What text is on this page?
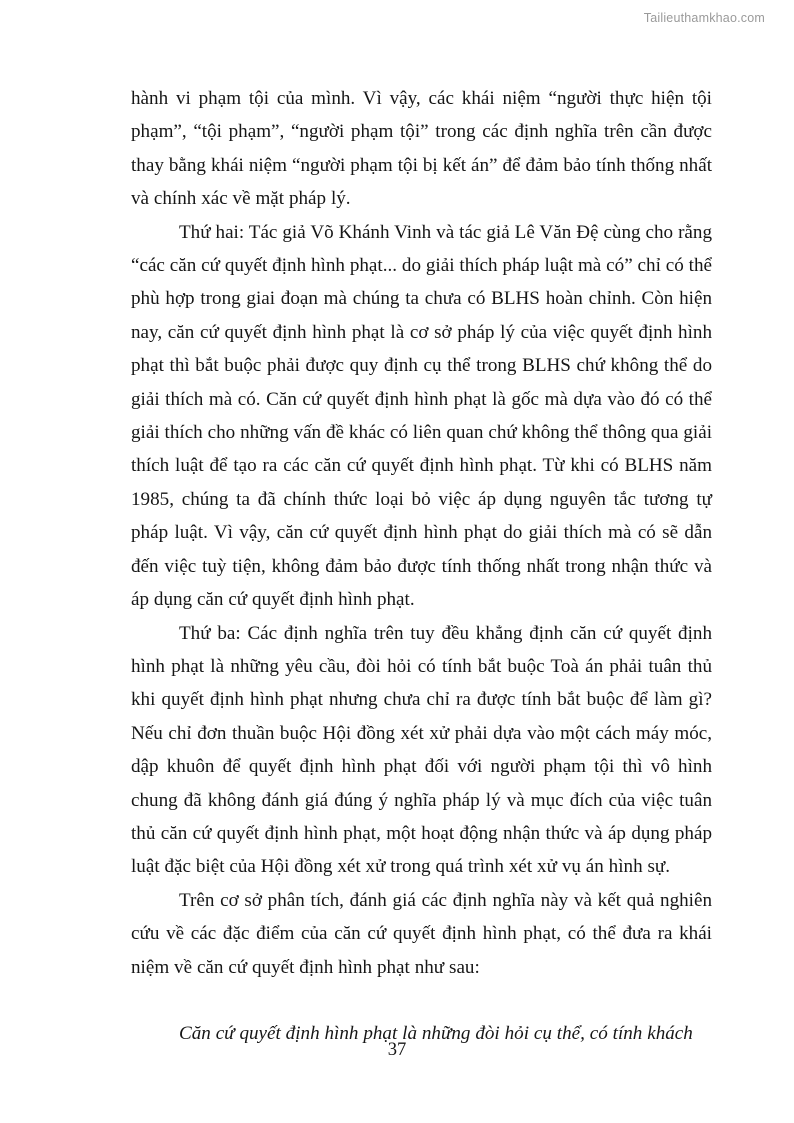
Tailieuthamkhao.com

hành vi phạm tội của mình. Vì vậy, các khái niệm “người thực hiện tội phạm”, “tội phạm”, “người phạm tội” trong các định nghĩa trên cần được thay bằng khái niệm “người phạm tội bị kết án” để đảm bảo tính thống nhất và chính xác về mặt pháp lý.

Thứ hai: Tác giả Võ Khánh Vinh và tác giả Lê Văn Đệ cùng cho rằng “các căn cứ quyết định hình phạt... do giải thích pháp luật mà có” chỉ có thể phù hợp trong giai đoạn mà chúng ta chưa có BLHS hoàn chỉnh. Còn hiện nay, căn cứ quyết định hình phạt là cơ sở pháp lý của việc quyết định hình phạt thì bắt buộc phải được quy định cụ thể trong BLHS chứ không thể do giải thích mà có. Căn cứ quyết định hình phạt là gốc mà dựa vào đó có thể giải thích cho những vấn đề khác có liên quan chứ không thể thông qua giải thích luật để tạo ra các căn cứ quyết định hình phạt. Từ khi có BLHS năm 1985, chúng ta đã chính thức loại bỏ việc áp dụng nguyên tắc tương tự pháp luật. Vì vậy, căn cứ quyết định hình phạt do giải thích mà có sẽ dẫn đến việc tuỳ tiện, không đảm bảo được tính thống nhất trong nhận thức và áp dụng căn cứ quyết định hình phạt.

Thứ ba: Các định nghĩa trên tuy đều khẳng định căn cứ quyết định hình phạt là những yêu cầu, đòi hỏi có tính bắt buộc Toà án phải tuân thủ khi quyết định hình phạt nhưng chưa chỉ ra được tính bắt buộc để làm gì? Nếu chỉ đơn thuần buộc Hội đồng xét xử phải dựa vào một cách máy móc, dập khuôn để quyết định hình phạt đối với người phạm tội thì vô hình chung đã không đánh giá đúng ý nghĩa pháp lý và mục đích của việc tuân thủ căn cứ quyết định hình phạt, một hoạt động nhận thức và áp dụng pháp luật đặc biệt của Hội đồng xét xử trong quá trình xét xử vụ án hình sự.

Trên cơ sở phân tích, đánh giá các định nghĩa này và kết quả nghiên cứu về các đặc điểm của căn cứ quyết định hình phạt, có thể đưa ra khái niệm về căn cứ quyết định hình phạt như sau:

Căn cứ quyết định hình phạt là những đòi hỏi cụ thể, có tính khách

37
